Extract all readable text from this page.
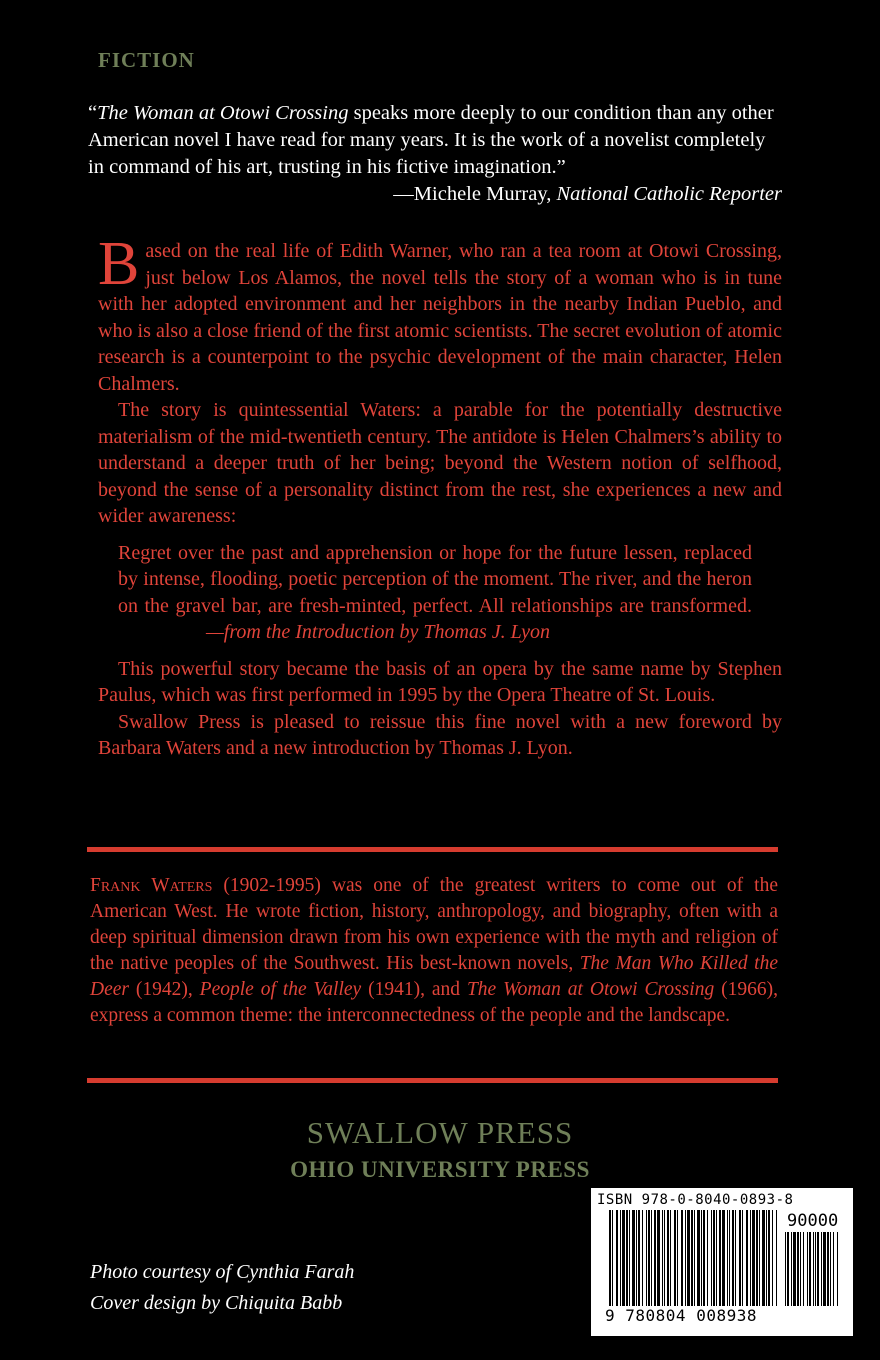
FICTION
“The Woman at Otowi Crossing speaks more deeply to our condition than any other American novel I have read for many years. It is the work of a novelist completely in command of his art, trusting in his fictive imagination.”
—Michele Murray, National Catholic Reporter

Based on the real life of Edith Warner, who ran a tea room at Otowi Crossing, just below Los Alamos, the novel tells the story of a woman who is in tune with her adopted environment and her neighbors in the nearby Indian Pueblo, and who is also a close friend of the first atomic scientists. The secret evolution of atomic research is a counterpoint to the psychic development of the main character, Helen Chalmers.

The story is quintessential Waters: a parable for the potentially destructive materialism of the mid-twentieth century. The antidote is Helen Chalmers’s ability to understand a deeper truth of her being; beyond the Western notion of selfhood, beyond the sense of a personality distinct from the rest, she experiences a new and wider awareness:

Regret over the past and apprehension or hope for the future lessen, replaced by intense, flooding, poetic perception of the moment. The river, and the heron on the gravel bar, are fresh-minted, perfect. All relationships are transformed.—from the Introduction by Thomas J. Lyon

This powerful story became the basis of an opera by the same name by Stephen Paulus, which was first performed in 1995 by the Opera Theatre of St. Louis.

Swallow Press is pleased to reissue this fine novel with a new foreword by Barbara Waters and a new introduction by Thomas J. Lyon.

Frank Waters (1902-1995) was one of the greatest writers to come out of the American West. He wrote fiction, history, anthropology, and biography, often with a deep spiritual dimension drawn from his own experience with the myth and religion of the native peoples of the Southwest. His best-known novels, The Man Who Killed the Deer (1942), People of the Valley (1941), and The Woman at Otowi Crossing (1966), express a common theme: the interconnectedness of the people and the landscape.
SWALLOW PRESS
OHIO UNIVERSITY PRESS
Photo courtesy of Cynthia Farah
Cover design by Chiquita Babb
ISBN 978-0-8040-0893-8
90000
9 780804 008938
